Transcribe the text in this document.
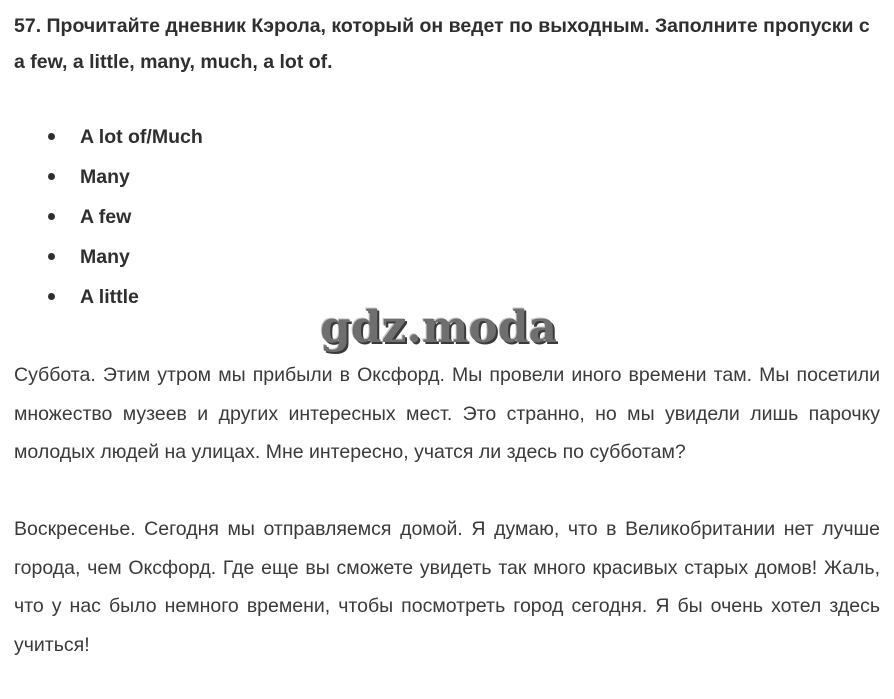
57. Прочитайте дневник Кэрола, который он ведет по выходным. Заполните пропуски с a few, a little, many, much, a lot of.
A lot of/Much
Many
A few
Many
A little
gdz.moda
Суббота. Этим утром мы прибыли в Оксфорд. Мы провели иного времени там. Мы посетили множество музеев и других интересных мест. Это странно, но мы увидели лишь парочку молодых людей на улицах. Мне интересно, учатся ли здесь по субботам?
Воскресенье. Сегодня мы отправляемся домой. Я думаю, что в Великобритании нет лучше города, чем Оксфорд. Где еще вы сможете увидеть так много красивых старых домов! Жаль, что у нас было немного времени, чтобы посмотреть город сегодня. Я бы очень хотел здесь учиться!
